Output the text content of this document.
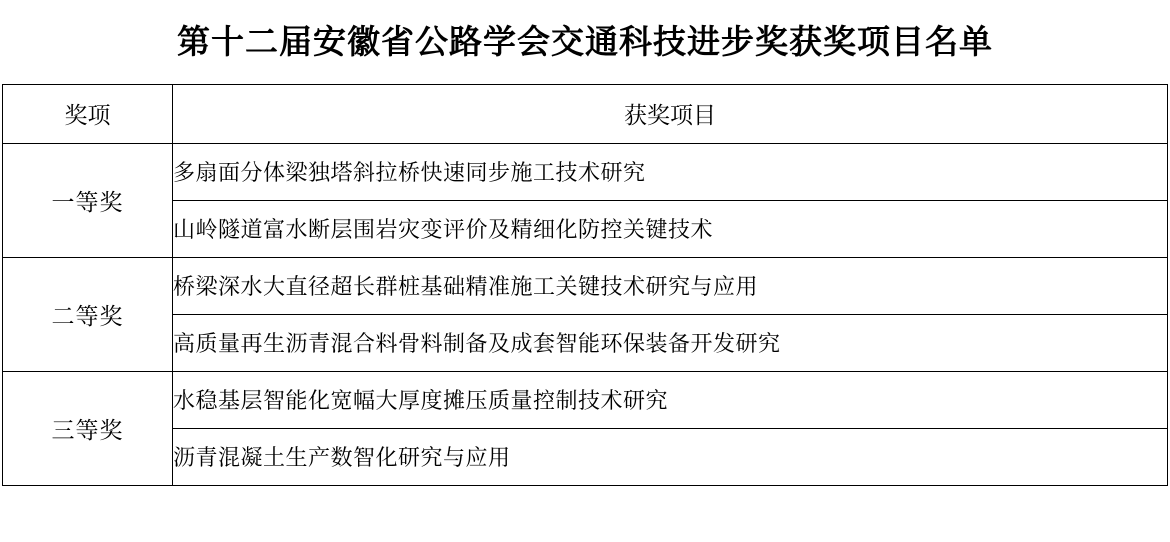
第十二届安徽省公路学会交通科技进步奖获奖项目名单
奖项	获奖项目
一等奖	多扇面分体梁独塔斜拉桥快速同步施工技术研究
	山岭隧道富水断层围岩灾变评价及精细化防控关键技术
二等奖	桥梁深水大直径超长群桩基础精准施工关键技术研究与应用
	高质量再生沥青混合料骨料制备及成套智能环保装备开发研究
三等奖	水稳基层智能化宽幅大厚度摊压质量控制技术研究
	沥青混凝土生产数智化研究与应用
